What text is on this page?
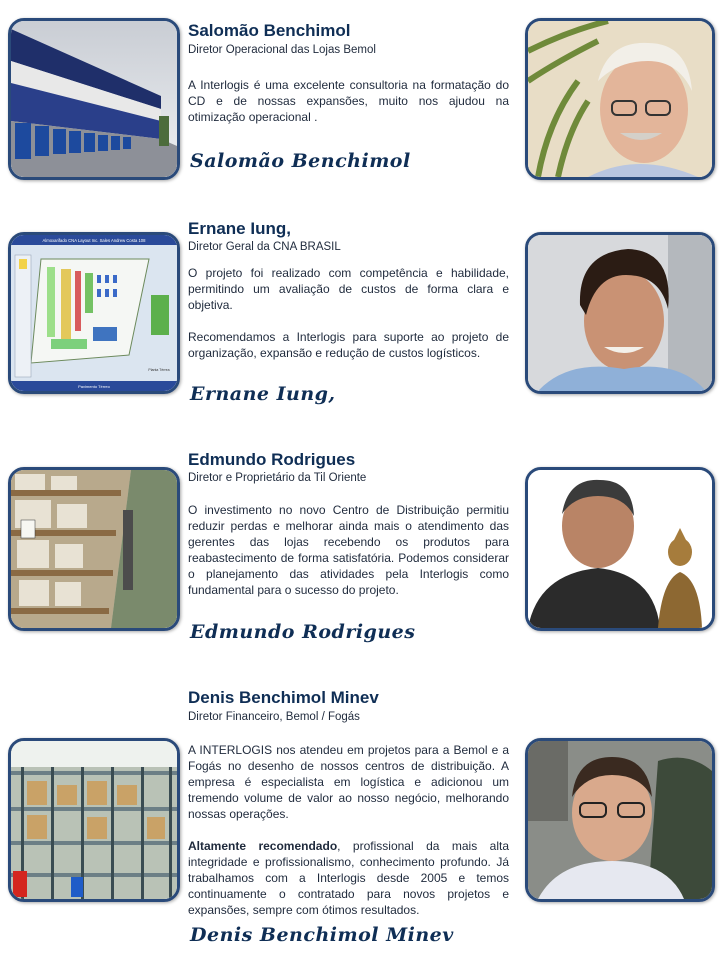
Salomão Benchimol
Diretor Operacional das Lojas Bemol

A Interlogis é uma excelente consultoria na formatação do CD e de nossas expansões, muito nos ajudou na otimização operacional .

Salomão Benchimol
Almoxarifado CNA Layout Inc. Sales Andrew Costa 108
Planta Térrea
Pavimento Térreo
Ernane Iung,
Diretor Geral da CNA BRASIL

O projeto foi realizado com competência e habilidade, permitindo um avaliação de custos de forma clara e objetiva.

Recomendamos a Interlogis para suporte ao projeto de organização, expansão e redução de custos logísticos.

Ernane Iung,
Edmundo Rodrigues
Diretor e Proprietário da Til Oriente

O investimento no novo Centro de Distribuição permitiu reduzir perdas e melhorar ainda mais o atendimento das gerentes das lojas recebendo os produtos para reabastecimento de forma satisfatória. Podemos considerar o planejamento das atividades pela Interlogis como fundamental para o sucesso do projeto.

Edmundo Rodrigues
Denis Benchimol Minev
Diretor Financeiro, Bemol / Fogás

A INTERLOGIS nos atendeu em projetos para a Bemol e a Fogás no desenho de nossos centros de distribuição. A empresa é especialista em logística e adicionou um tremendo volume de valor ao nosso negócio, melhorando nossas operações.

Altamente recomendado, profissional da mais alta integridade e profissionalismo, conhecimento profundo. Já trabalhamos com a Interlogis desde 2005 e temos continuamente o contratado para novos projetos e expansões, sempre com ótimos resultados.

Denis Benchimol Minev
